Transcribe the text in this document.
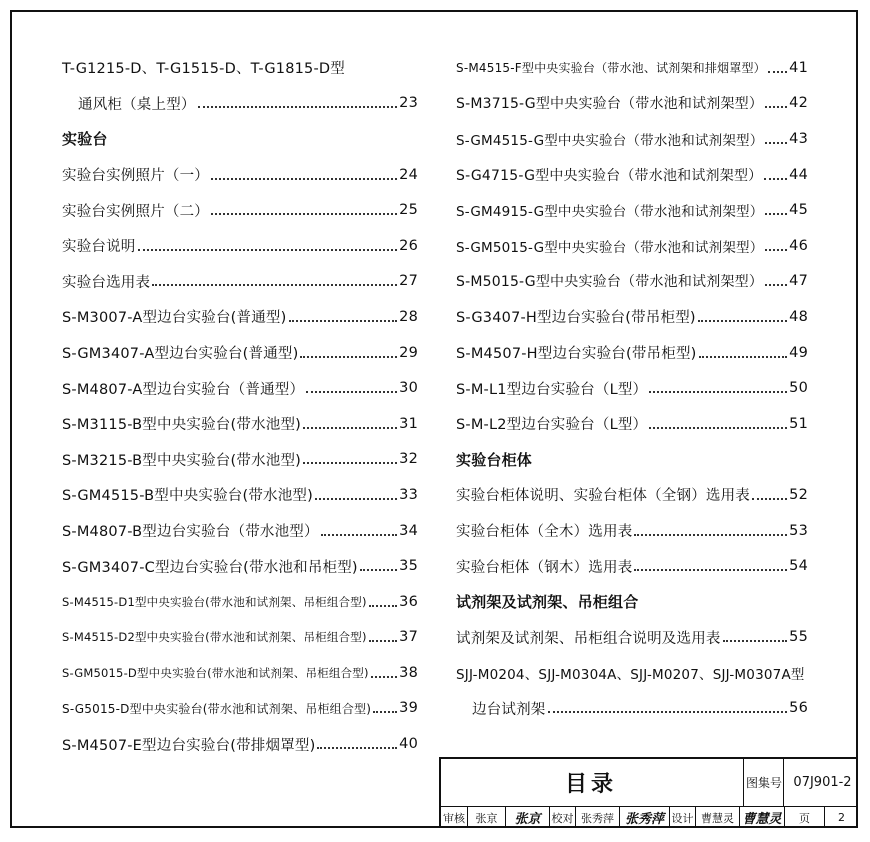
T-G1215-D、T-G1515-D、T-G1815-D型
通风柜（桌上型）	23
实验台
实验台实例照片（一）	24
实验台实例照片（二）	25
实验台说明	26
实验台选用表	27
S-M3007-A型边台实验台(普通型)	28
S-GM3407-A型边台实验台(普通型)	29
S-M4807-A型边台实验台（普通型）	30
S-M3115-B型中央实验台(带水池型)	31
S-M3215-B型中央实验台(带水池型)	32
S-GM4515-B型中央实验台(带水池型)	33
S-M4807-B型边台实验台（带水池型）	34
S-GM3407-C型边台实验台(带水池和吊柜型)	35
S-M4515-D1型中央实验台(带水池和试剂架、吊柜组合型) 36
S-M4515-D2型中央实验台(带水池和试剂架、吊柜组合型) 37
S-GM5015-D型中央实验台(带水池和试剂架、吊柜组合型) 38
S-G5015-D型中央实验台(带水池和试剂架、吊柜组合型) 39
S-M4507-E型边台实验台(带排烟罩型)	40
S-M4515-F型中央实验台（带水池、试剂架和排烟罩型） 41
S-M3715-G型中央实验台（带水池和试剂架型） 42
S-GM4515-G型中央实验台（带水池和试剂架型） 43
S-G4715-G型中央实验台（带水池和试剂架型） 44
S-GM4915-G型中央实验台（带水池和试剂架型） 45
S-GM5015-G型中央实验台（带水池和试剂架型） 46
S-M5015-G型中央实验台（带水池和试剂架型） 47
S-G3407-H型边台实验台(带吊柜型)	48
S-M4507-H型边台实验台(带吊柜型)	49
S-M-L1型边台实验台（L型）	50
S-M-L2型边台实验台（L型）	51
实验台柜体
实验台柜体说明、实验台柜体（全钢）选用表	52
实验台柜体（全木）选用表	53
实验台柜体（钢木）选用表	54
试剂架及试剂架、吊柜组合
试剂架及试剂架、吊柜组合说明及选用表	55
SJJ-M0204、SJJ-M0304A、SJJ-M0207、SJJ-M0307A型
边台试剂架	56
目录	图集号 07J901-2
审核 张京	张京	校对 张秀萍 张秀萍 设计 曹慧灵 曹慧灵	页	2
